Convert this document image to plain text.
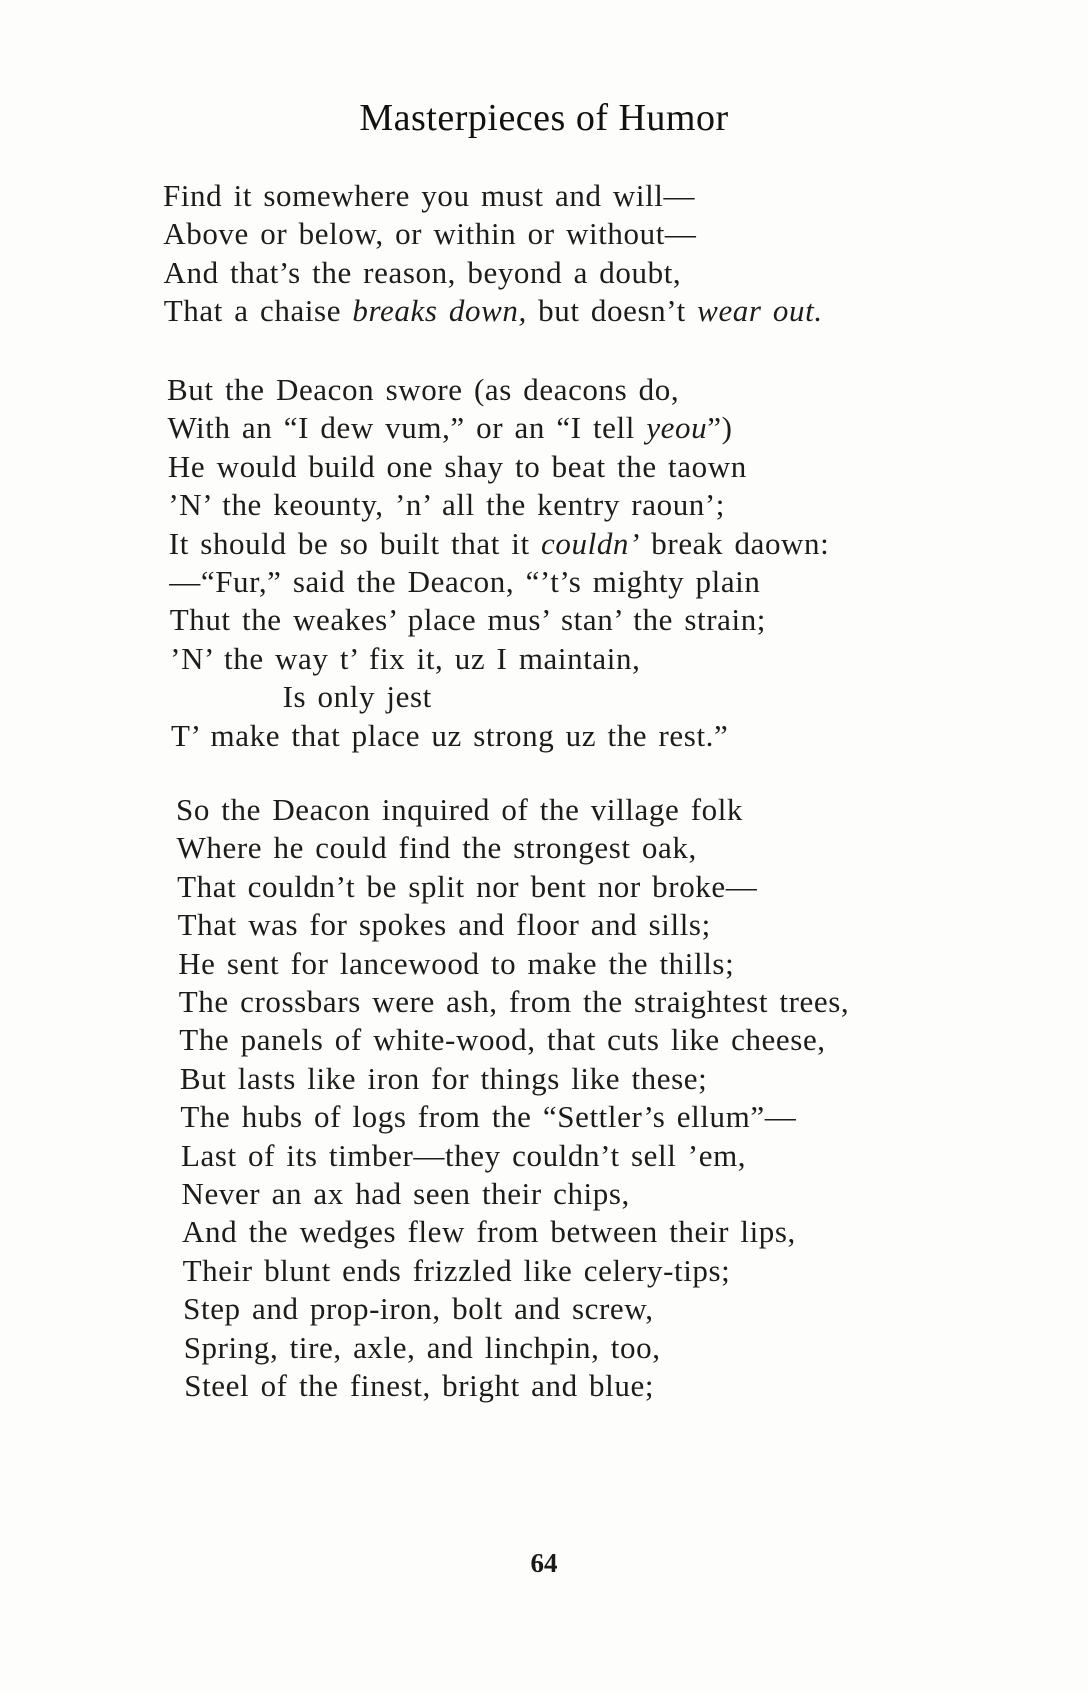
Masterpieces of Humor
Find it somewhere you must and will—
Above or below, or within or without—
And that’s the reason, beyond a doubt,
That a chaise breaks down, but doesn’t wear out.
But the Deacon swore (as deacons do,
With an “I dew vum,” or an “I tell yeou”)
He would build one shay to beat the taown
’N’ the keounty, ’n’ all the kentry raoun’;
It should be so built that it couldn’ break daown:
—“Fur,” said the Deacon, “’t’s mighty plain
Thut the weakes’ place mus’ stan’ the strain;
’N’ the way t’ fix it, uz I maintain,
Is only jest
T’ make that place uz strong uz the rest.”
So the Deacon inquired of the village folk
Where he could find the strongest oak,
That couldn’t be split nor bent nor broke—
That was for spokes and floor and sills;
He sent for lancewood to make the thills;
The crossbars were ash, from the straightest trees,
The panels of white-wood, that cuts like cheese,
But lasts like iron for things like these;
The hubs of logs from the “Settler’s ellum”—
Last of its timber—they couldn’t sell ’em,
Never an ax had seen their chips,
And the wedges flew from between their lips,
Their blunt ends frizzled like celery-tips;
Step and prop-iron, bolt and screw,
Spring, tire, axle, and linchpin, too,
Steel of the finest, bright and blue;
64
